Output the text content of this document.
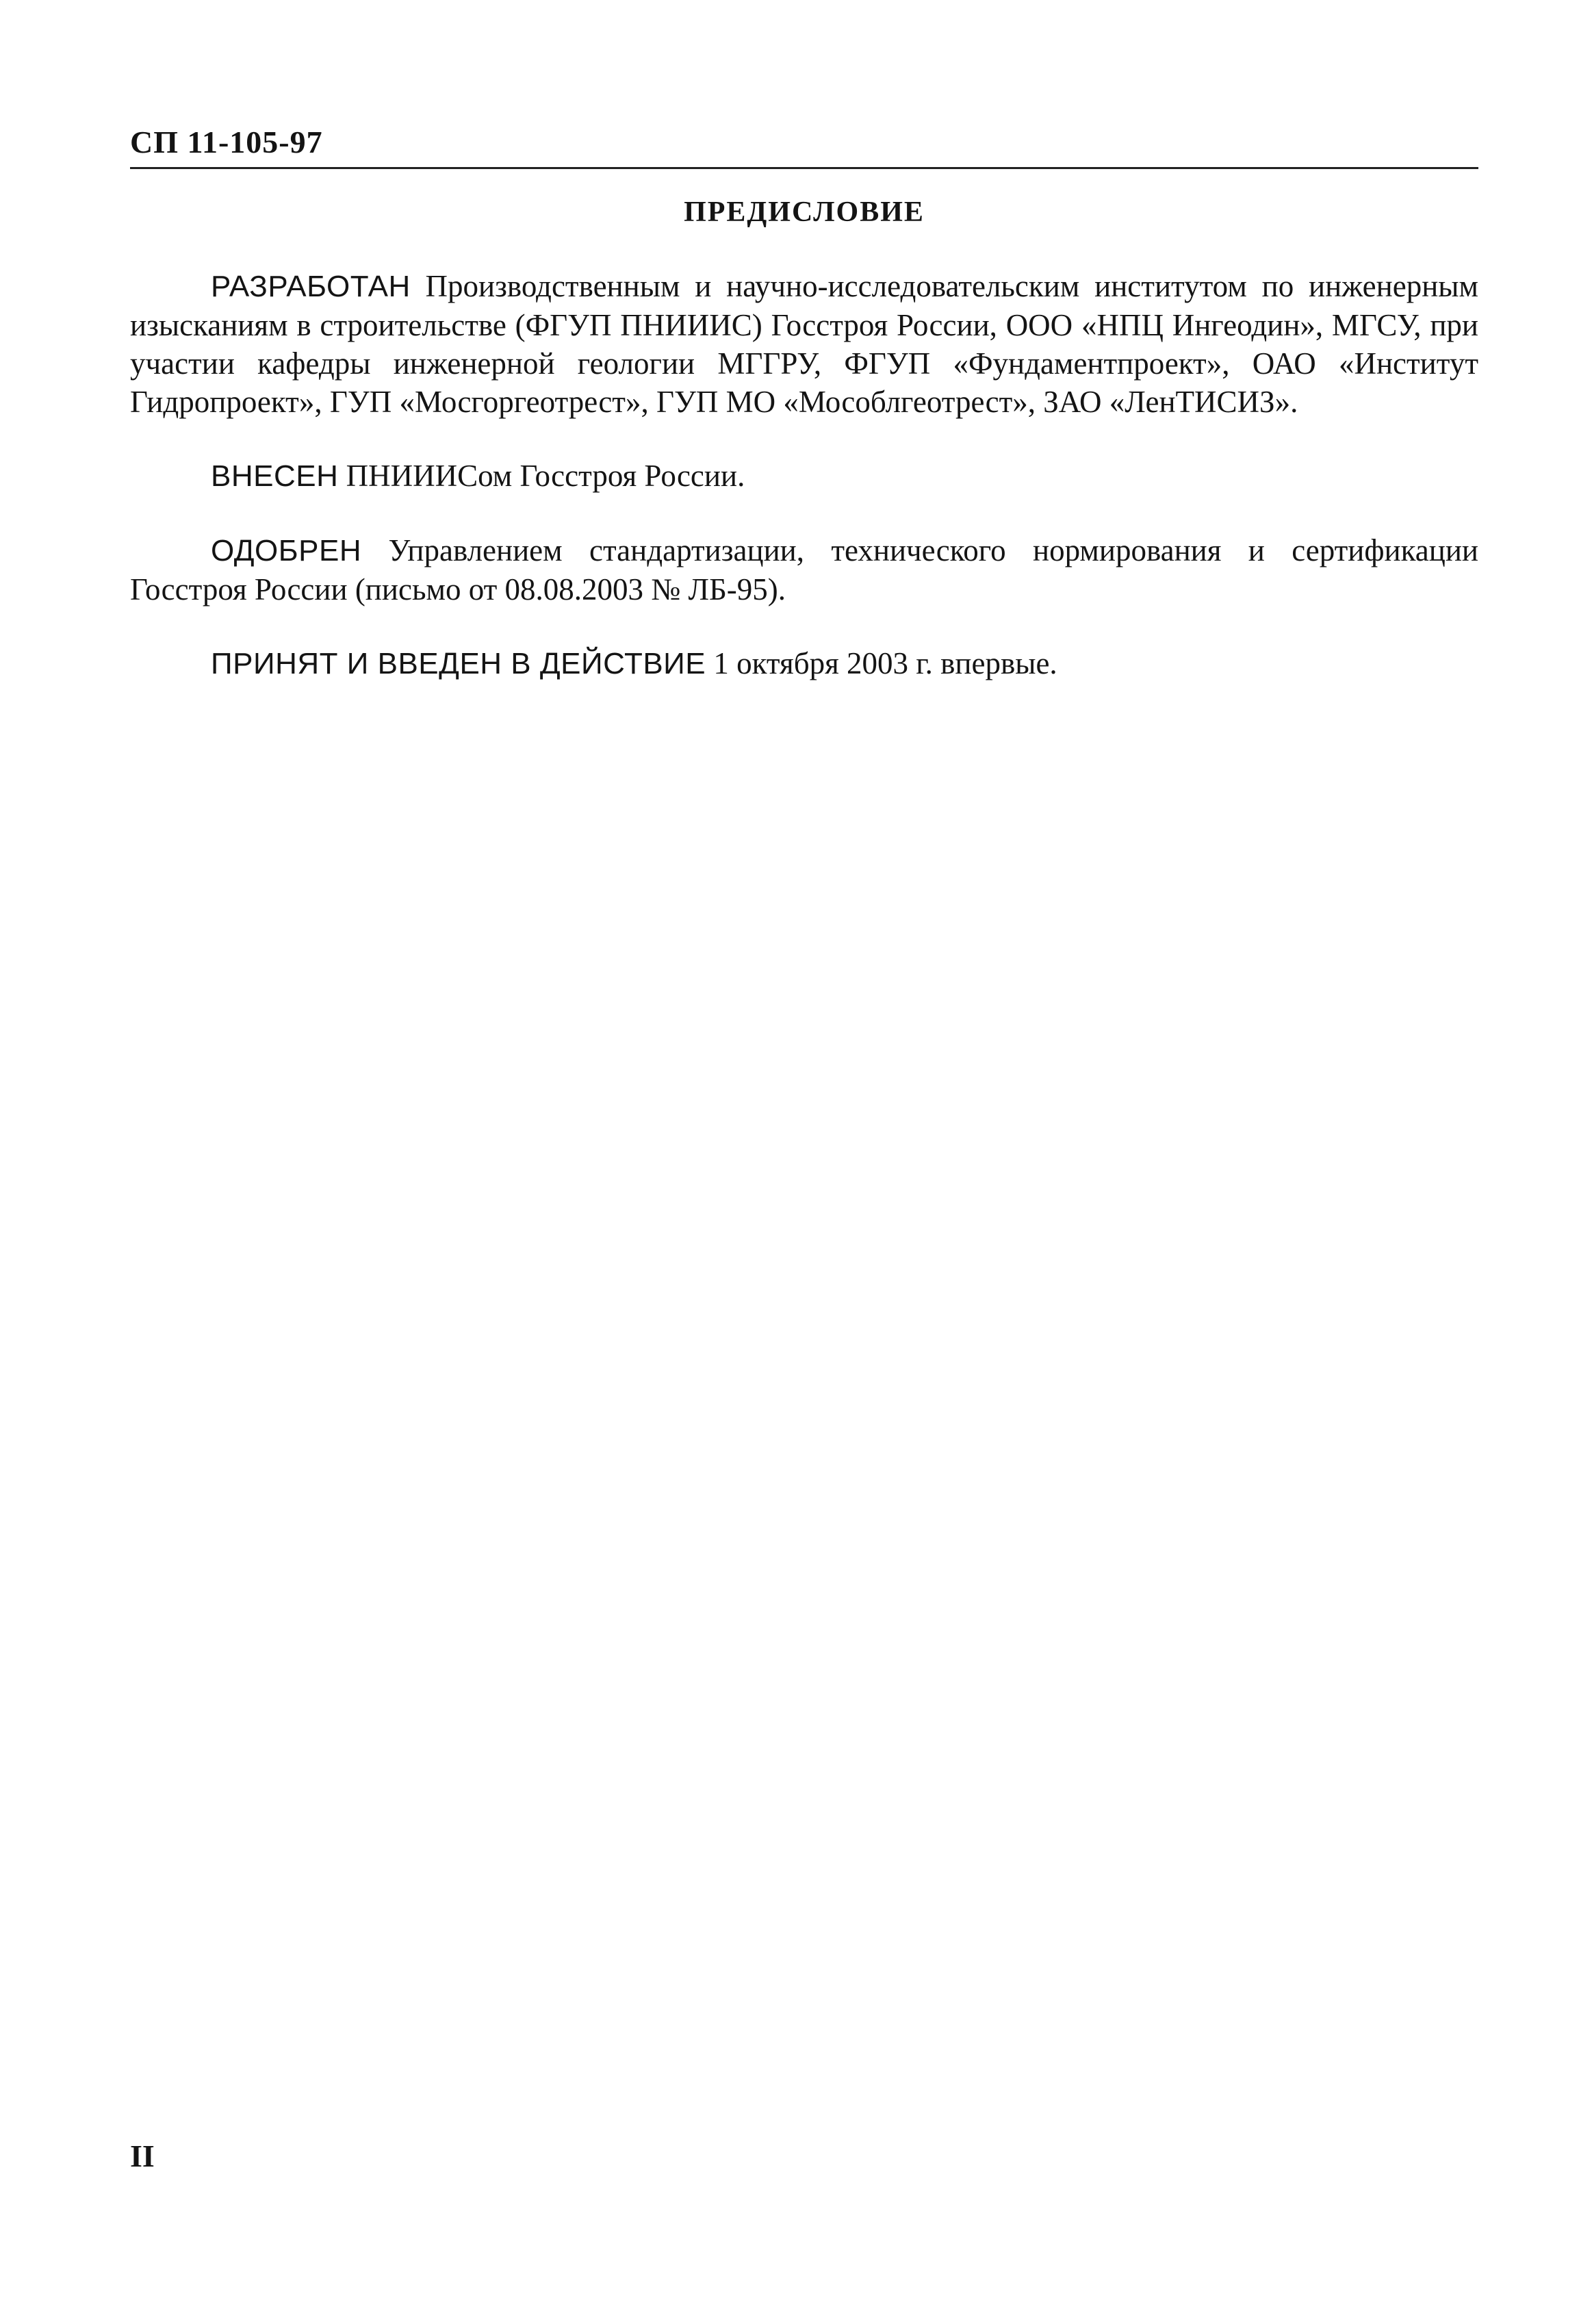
СП 11-105-97
ПРЕДИСЛОВИЕ

РАЗРАБОТАН Производственным и научно-исследовательским институтом по инженерным изысканиям в строительстве (ФГУП ПНИИИС) Госстроя России, ООО «НПЦ Ингеодин», МГСУ, при участии кафедры инженерной геологии МГГРУ, ФГУП «Фундаментпроект», ОАО «Институт Гидропроект», ГУП «Мосгоргеотрест», ГУП МО «Мособлгеотрест», ЗАО «ЛенТИСИЗ».

ВНЕСЕН ПНИИИСом Госстроя России.

ОДОБРЕН Управлением стандартизации, технического нормирования и сертификации Госстроя России (письмо от 08.08.2003 № ЛБ-95).

ПРИНЯТ И ВВЕДЕН В ДЕЙСТВИЕ 1 октября 2003 г. впервые.

II
